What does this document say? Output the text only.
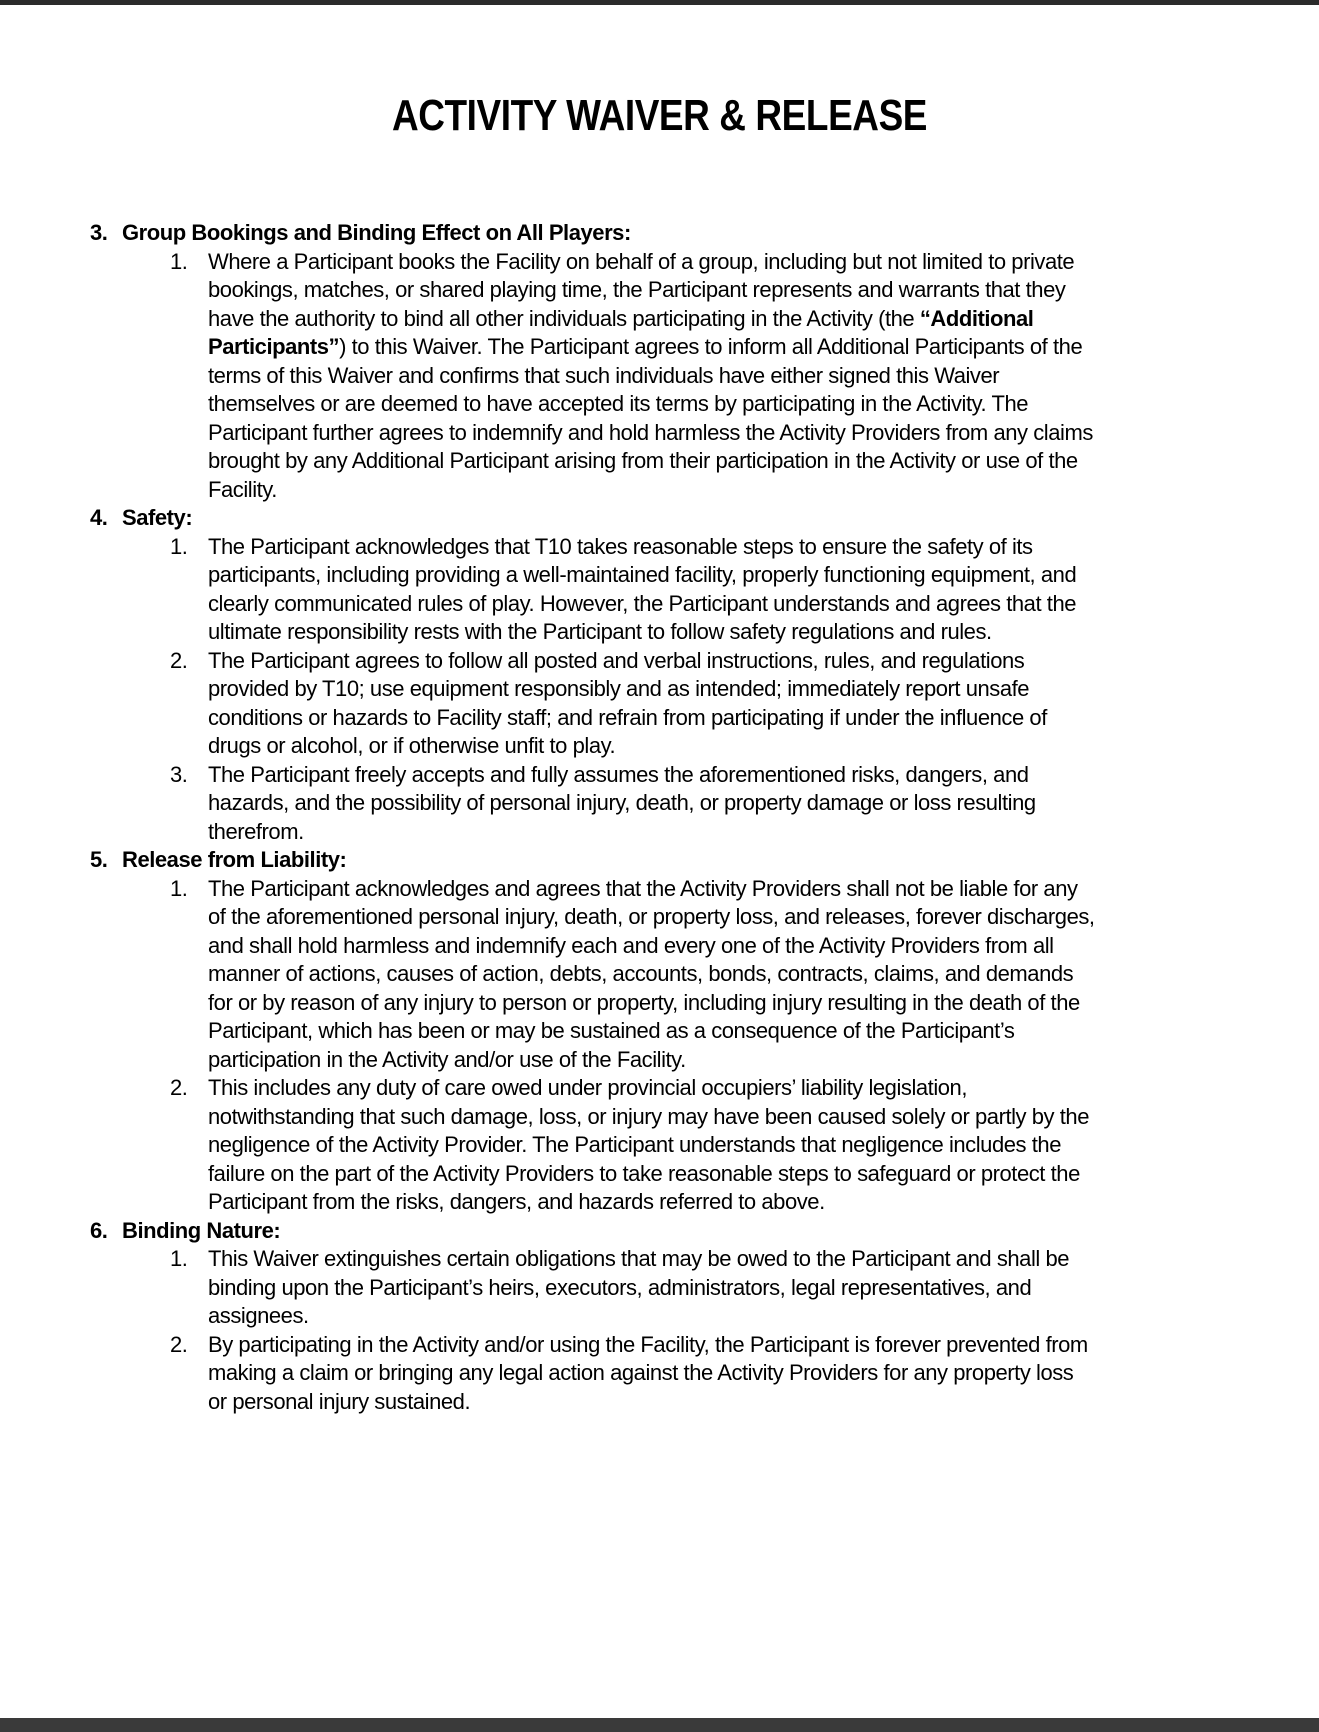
ACTIVITY WAIVER & RELEASE
3. Group Bookings and Binding Effect on All Players:
1. Where a Participant books the Facility on behalf of a group, including but not limited to private bookings, matches, or shared playing time, the Participant represents and warrants that they have the authority to bind all other individuals participating in the Activity (the “Additional Participants”) to this Waiver. The Participant agrees to inform all Additional Participants of the terms of this Waiver and confirms that such individuals have either signed this Waiver themselves or are deemed to have accepted its terms by participating in the Activity. The Participant further agrees to indemnify and hold harmless the Activity Providers from any claims brought by any Additional Participant arising from their participation in the Activity or use of the Facility.
4. Safety:
1. The Participant acknowledges that T10 takes reasonable steps to ensure the safety of its participants, including providing a well-maintained facility, properly functioning equipment, and clearly communicated rules of play. However, the Participant understands and agrees that the ultimate responsibility rests with the Participant to follow safety regulations and rules.
2. The Participant agrees to follow all posted and verbal instructions, rules, and regulations provided by T10; use equipment responsibly and as intended; immediately report unsafe conditions or hazards to Facility staff; and refrain from participating if under the influence of drugs or alcohol, or if otherwise unfit to play.
3. The Participant freely accepts and fully assumes the aforementioned risks, dangers, and hazards, and the possibility of personal injury, death, or property damage or loss resulting therefrom.
5. Release from Liability:
1. The Participant acknowledges and agrees that the Activity Providers shall not be liable for any of the aforementioned personal injury, death, or property loss, and releases, forever discharges, and shall hold harmless and indemnify each and every one of the Activity Providers from all manner of actions, causes of action, debts, accounts, bonds, contracts, claims, and demands for or by reason of any injury to person or property, including injury resulting in the death of the Participant, which has been or may be sustained as a consequence of the Participant’s participation in the Activity and/or use of the Facility.
2. This includes any duty of care owed under provincial occupiers’ liability legislation, notwithstanding that such damage, loss, or injury may have been caused solely or partly by the negligence of the Activity Provider. The Participant understands that negligence includes the failure on the part of the Activity Providers to take reasonable steps to safeguard or protect the Participant from the risks, dangers, and hazards referred to above.
6. Binding Nature:
1. This Waiver extinguishes certain obligations that may be owed to the Participant and shall be binding upon the Participant’s heirs, executors, administrators, legal representatives, and assignees.
2. By participating in the Activity and/or using the Facility, the Participant is forever prevented from making a claim or bringing any legal action against the Activity Providers for any property loss or personal injury sustained.
